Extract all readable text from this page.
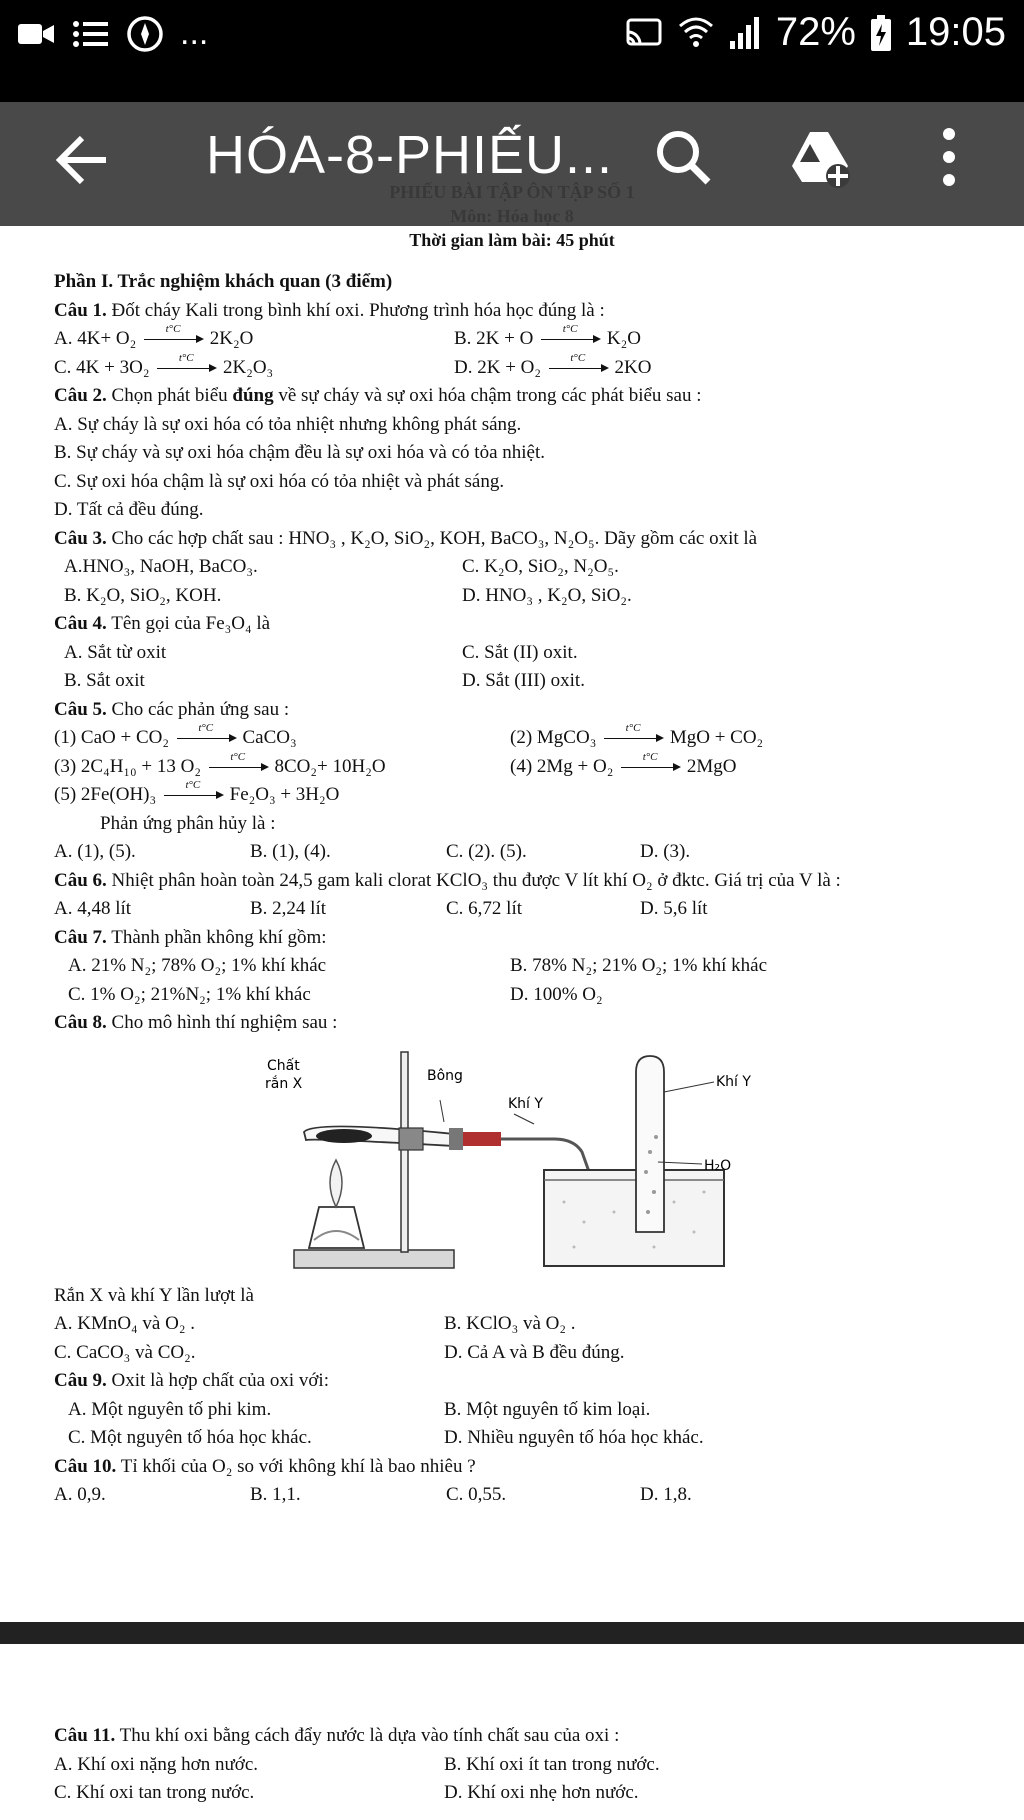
...	72% 19:05
Thời gian làm bài: 45 phút
HÓA-8-PHIẾU...
Phần I. Trắc nghiệm khách quan (3 điểm)
Câu 1. Đốt cháy Kali trong bình khí oxi. Phương trình hóa học đúng là :
A. 4K+ O₂	t°C	2K₂O	B. 2K + O	t°C	K₂O
C. 4K + 3O₂	t°C	2K₂O₃	D. 2K + O₂	t°C	2KO
Câu 2. Chọn phát biểu đúng về sự cháy và sự oxi hóa chậm trong các phát biểu sau :
A. Sự cháy là sự oxi hóa có tỏa nhiệt nhưng không phát sáng.
B. Sự cháy và sự oxi hóa chậm đều là sự oxi hóa và có tỏa nhiệt.
C. Sự oxi hóa chậm là sự oxi hóa có tỏa nhiệt và phát sáng.
D. Tất cả đều đúng.
Câu 3. Cho các hợp chất sau : HNO₃ , K₂O, SiO₂, KOH, BaCO₃, N₂O₅. Dãy gồm các oxit là
A.HNO₃, NaOH, BaCO₃.	C. K₂O, SiO₂, N₂O₅.
B. K₂O, SiO₂, KOH.	D. HNO₃ , K₂O, SiO₂.
Câu 4. Tên gọi của Fe₃O₄ là
A. Sắt từ oxit	C. Sắt (II) oxit.
B. Sắt oxit	D. Sắt (III) oxit.
Câu 5. Cho các phản ứng sau :
(1) CaO + CO₂	t°C	CaCO₃	(2) MgCO₃	t°C	MgO + CO₂
(3) 2C₄H₁₀ + 13 O₂	t°C	8CO₂+ 10H₂O	(4) 2Mg + O₂	t°C	2MgO
(5) 2Fe(OH)₃	t°C	Fe₂O₃ + 3H₂O
Phản ứng phân hủy là :
A. (1), (5).	B. (1), (4).	C. (2). (5).	D. (3).
Câu 6. Nhiệt phân hoàn toàn 24,5 gam kali clorat KClO₃ thu được V lít khí O₂ ở đktc. Giá trị của V là :
A. 4,48 lít	B. 2,24 lít	C. 6,72 lít	D. 5,6 lít
Câu 7. Thành phần không khí gồm:
A. 21% N₂; 78% O₂; 1% khí khác	B. 78% N₂; 21% O₂; 1% khí khác
C. 1% O₂; 21%N₂; 1% khí khác	D. 100% O₂
Câu 8. Cho mô hình thí nghiệm sau :
Chất
rắn X	Bông
Khí Y
Khí Y
H₂O
Rắn X và khí Y lần lượt là
A. KMnO₄ và O₂ .	B. KClO₃ và O₂ .
C. CaCO₃ và CO₂.	D. Cả A và B đều đúng.
Câu 9. Oxit là hợp chất của oxi với:
A. Một nguyên tố phi kim.	B. Một nguyên tố kim loại.
C. Một nguyên tố hóa học khác.	D. Nhiều nguyên tố hóa học khác.
Câu 10. Tỉ khối của O₂ so với không khí là bao nhiêu ?
A. 0,9.	B. 1,1.	C. 0,55.	D. 1,8.
Câu 11. Thu khí oxi bằng cách đẩy nước là dựa vào tính chất sau của oxi :
A. Khí oxi nặng hơn nước.	B. Khí oxi ít tan trong nước.
C. Khí oxi tan trong nước.	D. Khí oxi nhẹ hơn nước.
